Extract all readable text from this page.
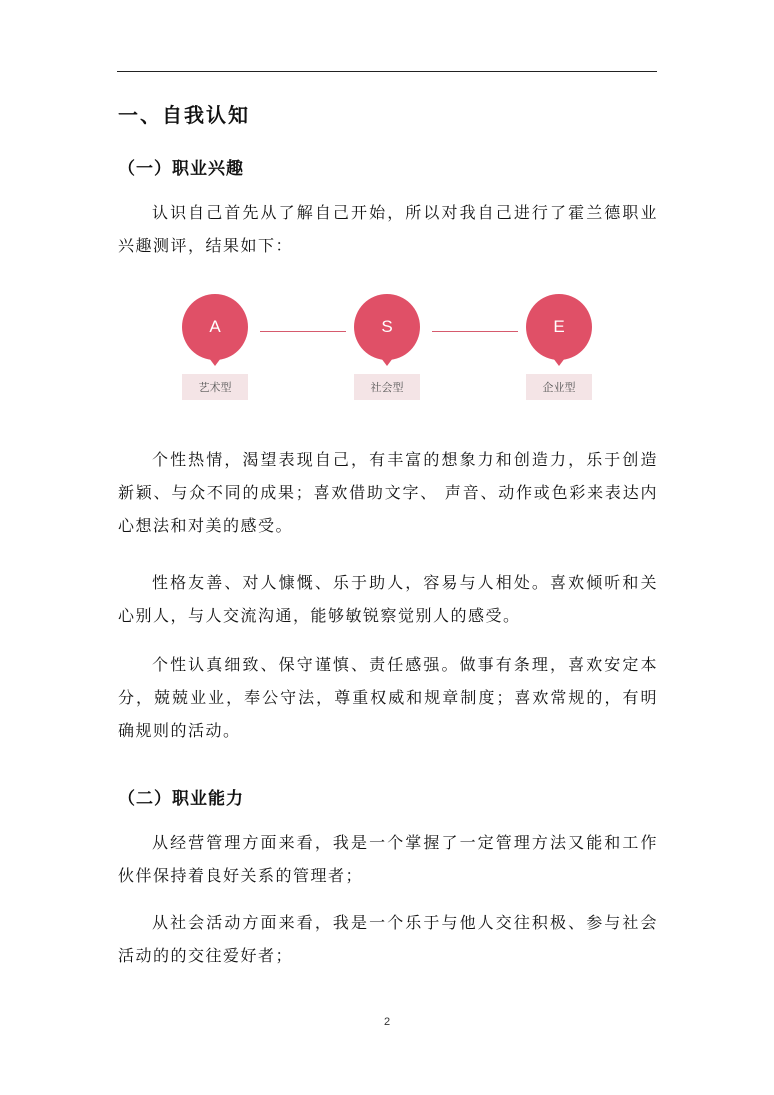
一、自我认知
（一）职业兴趣
认识自己首先从了解自己开始，所以对我自己进行了霍兰德职业兴趣测评，结果如下：
A
艺术型
S
社会型
E
企业型
个性热情，渴望表现自己，有丰富的想象力和创造力，乐于创造新颖、与众不同的成果；喜欢借助文字、 声音、动作或色彩来表达内心想法和对美的感受。
性格友善、对人慷慨、乐于助人，容易与人相处。喜欢倾听和关心别人，与人交流沟通，能够敏锐察觉别人的感受。
个性认真细致、保守谨慎、责任感强。做事有条理，喜欢安定本分，兢兢业业，奉公守法，尊重权威和规章制度；喜欢常规的，有明确规则的活动。
（二）职业能力
从经营管理方面来看，我是一个掌握了一定管理方法又能和工作伙伴保持着良好关系的管理者；
从社会活动方面来看，我是一个乐于与他人交往积极、参与社会活动的的交往爱好者；
2
